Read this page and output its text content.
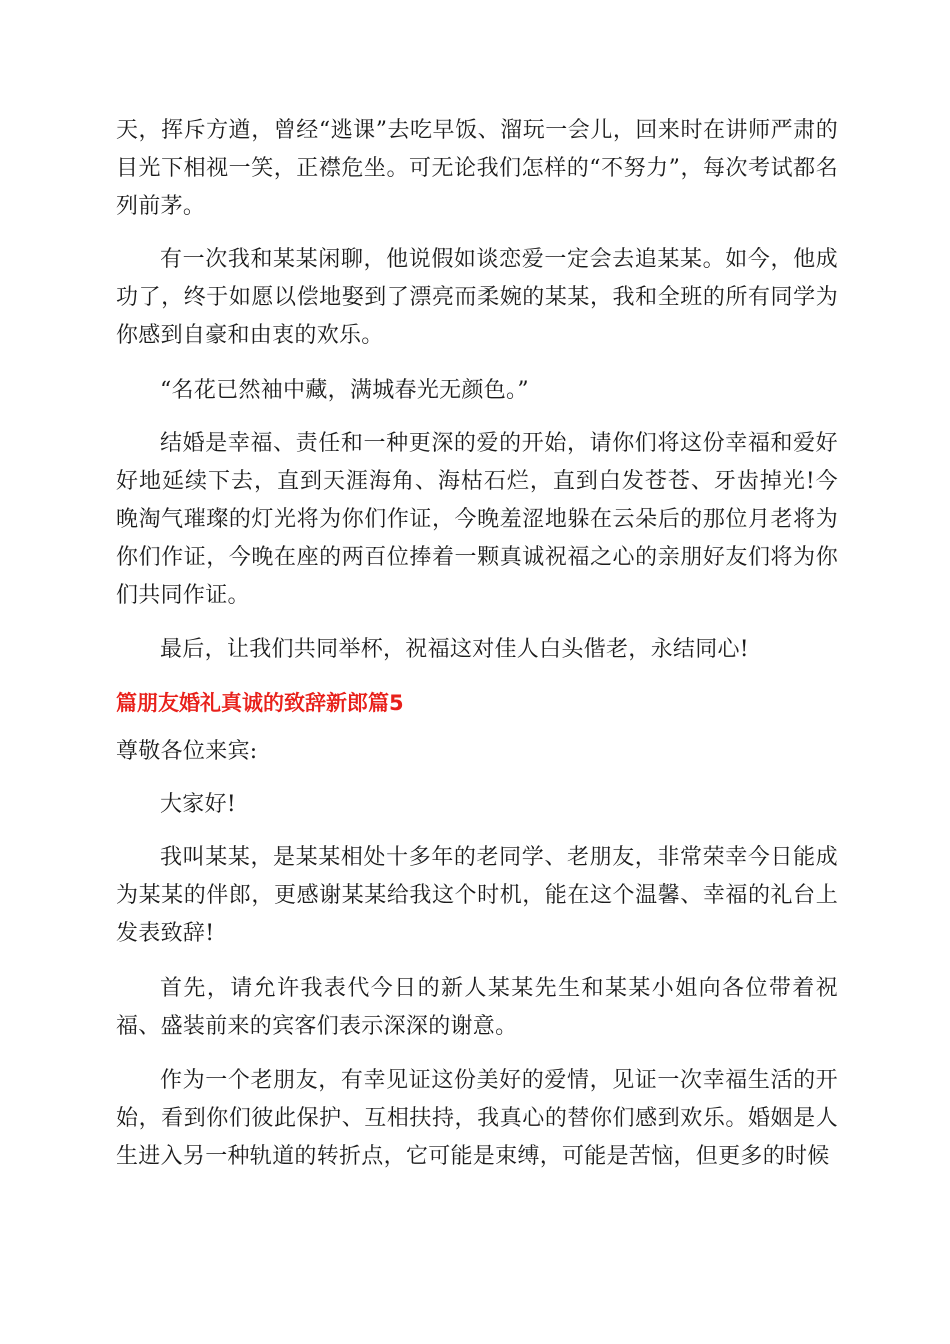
天，挥斥方遒，曾经“逃课”去吃早饭、溜玩一会儿，回来时在讲师严肃的目光下相视一笑，正襟危坐。可无论我们怎样的“不努力”，每次考试都名列前茅。

有一次我和某某闲聊，他说假如谈恋爱一定会去追某某。如今，他成功了，终于如愿以偿地娶到了漂亮而柔婉的某某，我和全班的所有同学为你感到自豪和由衷的欢乐。

“名花已然袖中藏，满城春光无颜色。”

结婚是幸福、责任和一种更深的爱的开始，请你们将这份幸福和爱好好地延续下去，直到天涯海角、海枯石烂，直到白发苍苍、牙齿掉光!今晚淘气璀璨的灯光将为你们作证，今晚羞涩地躲在云朵后的那位月老将为你们作证，今晚在座的两百位捧着一颗真诚祝福之心的亲朋好友们将为你们共同作证。

最后，让我们共同举杯，祝福这对佳人白头偕老，永结同心!

篇朋友婚礼真诚的致辞新郎篇5

尊敬各位来宾:

大家好!

我叫某某，是某某相处十多年的老同学、老朋友，非常荣幸今日能成为某某的伴郎，更感谢某某给我这个时机，能在这个温馨、幸福的礼台上发表致辞!

首先，请允许我表代今日的新人某某先生和某某小姐向各位带着祝福、盛装前来的宾客们表示深深的谢意。

作为一个老朋友，有幸见证这份美好的爱情，见证一次幸福生活的开始，看到你们彼此保护、互相扶持，我真心的替你们感到欢乐。婚姻是人生进入另一种轨道的转折点，它可能是束缚，可能是苦恼，但更多的时候
